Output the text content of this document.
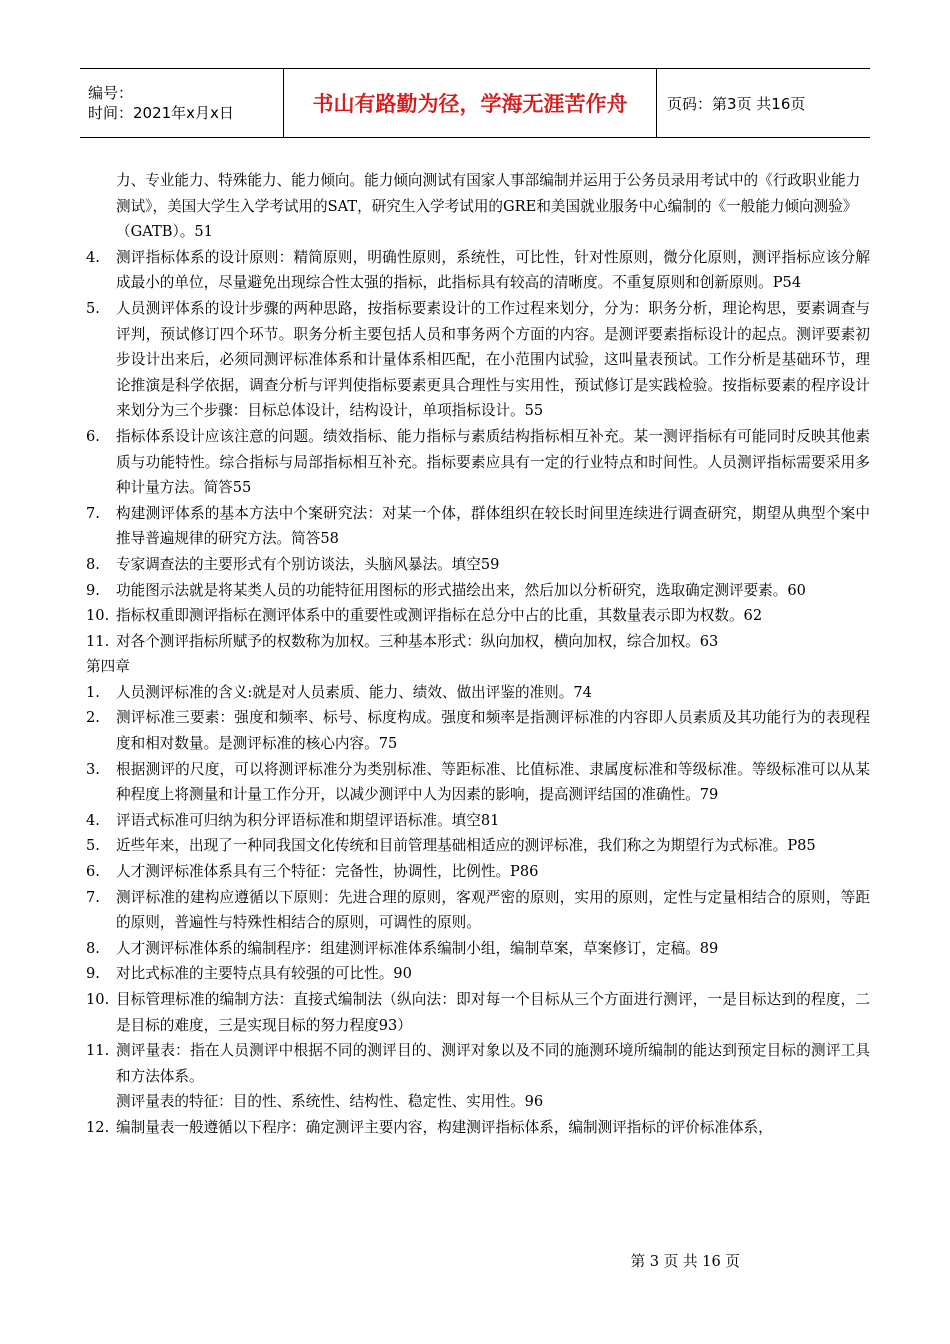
编号：
时间：2021年x月x日	书山有路勤为径，学海无涯苦作舟	页码：第3页 共16页
力、专业能力、特殊能力、能力倾向。能力倾向测试有国家人事部编制并运用于公务员录用考试中的《行政职业能力测试》，美国大学生入学考试用的SAT，研究生入学考试用的GRE和美国就业服务中心编制的《一般能力倾向测验》（GATB）。51
4.	测评指标体系的设计原则：精简原则，明确性原则，系统性，可比性，针对性原则，微分化原则，测评指标应该分解成最小的单位，尽量避免出现综合性太强的指标，此指标具有较高的清晰度。不重复原则和创新原则。P54
5.	人员测评体系的设计步骤的两种思路，按指标要素设计的工作过程来划分，分为：职务分析，理论构思，要素调查与评判，预试修订四个环节。职务分析主要包括人员和事务两个方面的内容。是测评要素指标设计的起点。测评要素初步设计出来后，必须同测评标准体系和计量体系相匹配，在小范围内试验，这叫量表预试。工作分析是基础环节，理论推演是科学依据，调查分析与评判使指标要素更具合理性与实用性，预试修订是实践检验。按指标要素的程序设计来划分为三个步骤：目标总体设计，结构设计，单项指标设计。55
6.	指标体系设计应该注意的问题。绩效指标、能力指标与素质结构指标相互补充。某一测评指标有可能同时反映其他素质与功能特性。综合指标与局部指标相互补充。指标要素应具有一定的行业特点和时间性。人员测评指标需要采用多种计量方法。简答55
7.	构建测评体系的基本方法中个案研究法：对某一个体，群体组织在较长时间里连续进行调查研究，期望从典型个案中推导普遍规律的研究方法。简答58
8.	专家调查法的主要形式有个别访谈法，头脑风暴法。填空59
9.	功能图示法就是将某类人员的功能特征用图标的形式描绘出来，然后加以分析研究，选取确定测评要素。60
10. 指标权重即测评指标在测评体系中的重要性或测评指标在总分中占的比重，其数量表示即为权数。62
11. 对各个测评指标所赋予的权数称为加权。三种基本形式：纵向加权，横向加权，综合加权。63
第四章
1.	人员测评标准的含义:就是对人员素质、能力、绩效、做出评鉴的准则。74
2.	测评标准三要素：强度和频率、标号、标度构成。强度和频率是指测评标准的内容即人员素质及其功能行为的表现程度和相对数量。是测评标准的核心内容。75
3.	根据测评的尺度，可以将测评标准分为类别标准、等距标准、比值标准、隶属度标准和等级标准。等级标准可以从某种程度上将测量和计量工作分开，以减少测评中人为因素的影响，提高测评结国的准确性。79
4.	评语式标准可归纳为积分评语标准和期望评语标准。填空81
5.	近些年来，出现了一种同我国文化传统和目前管理基础相适应的测评标准，我们称之为期望行为式标准。P85
6.	人才测评标准体系具有三个特征：完备性，协调性，比例性。P86
7.	测评标准的建构应遵循以下原则：先进合理的原则，客观严密的原则，实用的原则，定性与定量相结合的原则，等距的原则，普遍性与特殊性相结合的原则，可调性的原则。
8.	人才测评标准体系的编制程序：组建测评标准体系编制小组，编制草案，草案修订，定稿。89
9.	对比式标准的主要特点具有较强的可比性。90
10. 目标管理标准的编制方法：直接式编制法（纵向法：即对每一个目标从三个方面进行测评，一是目标达到的程度，二是目标的难度，三是实现目标的努力程度93）
11. 测评量表：指在人员测评中根据不同的测评目的、测评对象以及不同的施测环境所编制的能达到预定目标的测评工具和方法体系。
测评量表的特征：目的性、系统性、结构性、稳定性、实用性。96
12. 编制量表一般遵循以下程序：确定测评主要内容，构建测评指标体系，编制测评指标的评价标准体系，
第 3 页 共 16 页
